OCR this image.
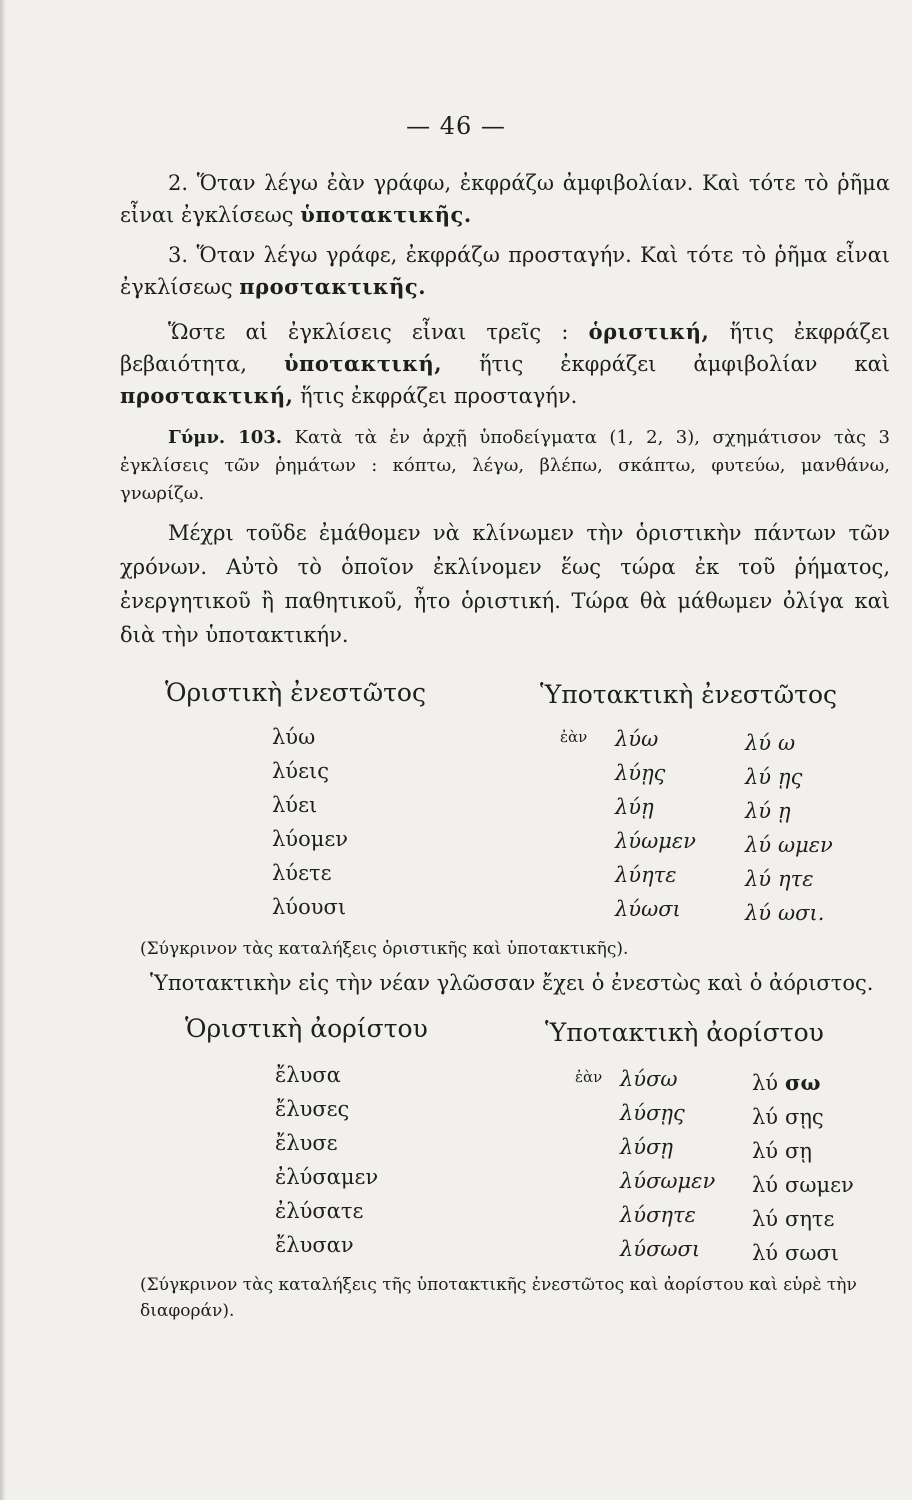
— 46 —
2. Ὅταν λέγω ἐὰν γράφω, ἐκφράζω ἀμφιβολίαν. Καὶ τότε τὸ ῥῆμα εἶναι ἐγκλίσεως ὑποτακτικῆς.
3. Ὅταν λέγω γράφε, ἐκφράζω προσταγήν. Καὶ τότε τὸ ῥῆμα εἶναι ἐγκλίσεως προστακτικῆς.
Ὥστε αἱ ἐγκλίσεις εἶναι τρεῖς : ὁριστική, ἥτις ἐκφράζει βεβαιότητα, ὑποτακτική, ἥτις ἐκφράζει ἀμφιβολίαν καὶ προστακτική, ἥτις ἐκφράζει προσταγήν.
Γύμν. 103. Κατὰ τὰ ἐν ἀρχῇ ὑποδείγματα (1, 2, 3), σχημάτισον τὰς 3 ἐγκλίσεις τῶν ῥημάτων : κόπτω, λέγω, βλέπω, σκάπτω, φυτεύω, μανθάνω, γνωρίζω.
Μέχρι τοῦδε ἐμάθομεν νὰ κλίνωμεν τὴν ὁριστικὴν πάντων τῶν χρόνων. Αὐτὸ τὸ ὁποῖον ἐκλίνομεν ἕως τώρα ἐκ τοῦ ῥήματος, ἐνεργητικοῦ ἢ παθητικοῦ, ἦτο ὁριστική. Τώρα θὰ μάθωμεν ὀλίγα καὶ διὰ τὴν ὑποτακτικήν.
Ὁριστικὴ ἐνεστῶτος	Ὑποτακτικὴ ἐνεστῶτος
ἐὰν
λύω
λύεις
λύει
λύομεν
λύετε
λύουσι
λύω
λύῃς
λύῃ
λύωμεν
λύητε
λύωσι
λύ
λύ
λύ
λύ
λύ
λύ
ω
ῃς
ῃ
ωμεν
ητε
ωσι.
(Σύγκρινον τὰς καταλήξεις ὁριστικῆς καὶ ὑποτακτικῆς).
Ὑποτακτικὴν εἰς τὴν νέαν γλῶσσαν ἔχει ὁ ἐνεστὼς καὶ ὁ ἀόριστος.
Ὁριστικὴ ἀορίστου	Ὑποτακτικὴ ἀορίστου
ἐὰν
ἔλυσα
ἔλυσες
ἔλυσε
ἐλύσαμεν
ἐλύσατε
ἔλυσαν
λύσω
λύσῃς
λύσῃ
λύσωμεν
λύσητε
λύσωσι
λύ
λύ
λύ
λύ
λύ
λύ
σω
σῃς
σῃ
σωμεν
σητε
σωσι
(Σύγκρινον τὰς καταλήξεις τῆς ὑποτακτικῆς ἐνεστῶτος καὶ ἀορίστου καὶ εὑρὲ τὴν διαφοράν).
